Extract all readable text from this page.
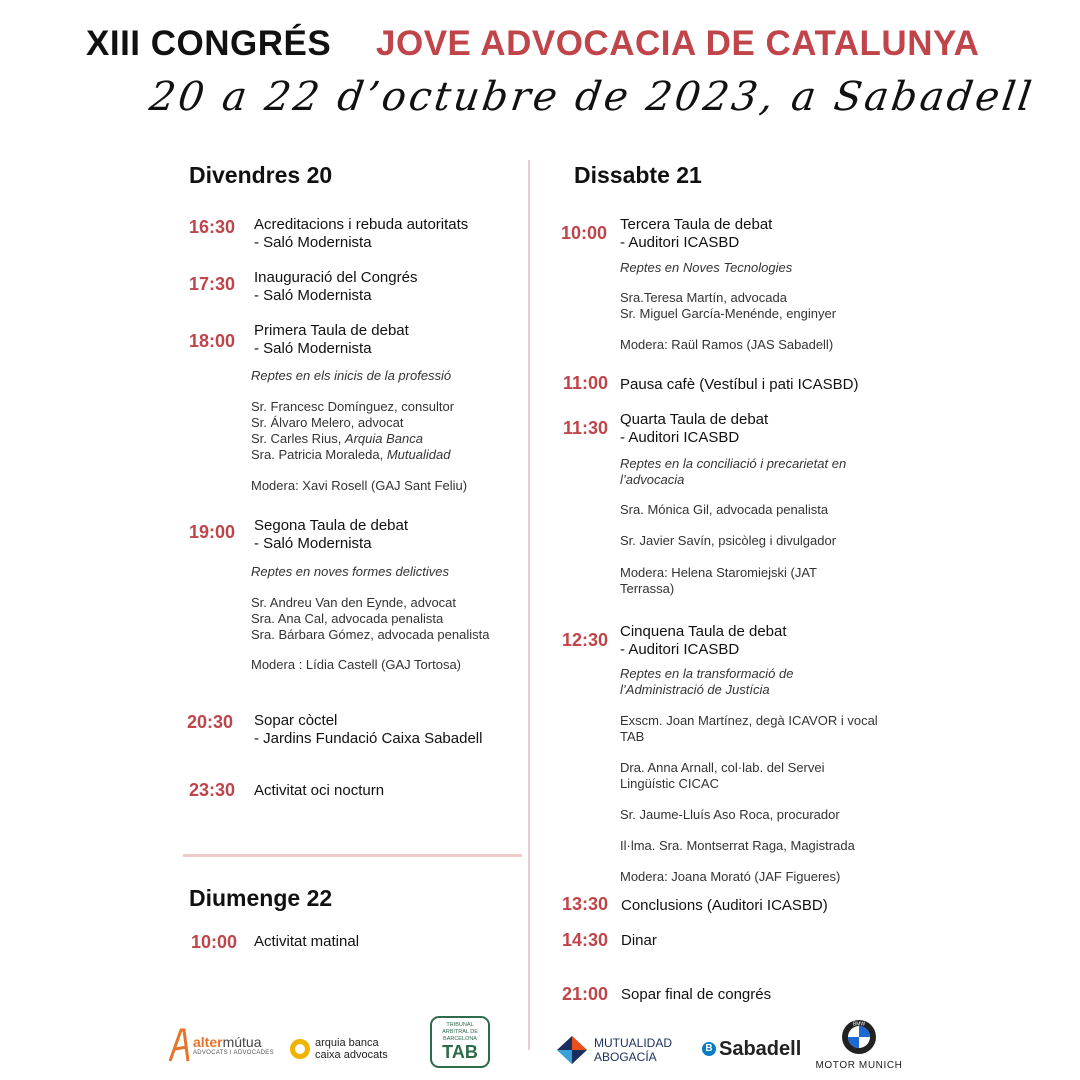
XIII CONGRÉS JOVE ADVOCACIA DE CATALUNYA
20 a 22 d’octubre de 2023, a Sabadell
Divendres 20
16:30 Acreditacions i rebuda autoritats
- Saló Modernista
17:30 Inauguració del Congrés
- Saló Modernista
18:00
Primera Taula de debat
- Saló Modernista
Reptes en els inicis de la professió
Sr. Francesc Domínguez, consultor
Sr. Álvaro Melero, advocat
Sr. Carles Rius, Arquia Banca
Sra. Patricia Moraleda, Mutualidad
Modera: Xavi Rosell (GAJ Sant Feliu)
19:00 Segona Taula de debat
- Saló Modernista
Reptes en noves formes delictives
Sr. Andreu Van den Eynde, advocat
Sra. Ana Cal, advocada penalista
Sra. Bárbara Gómez, advocada penalista
Modera : Lídia Castell (GAJ Tortosa)
20:30 Sopar còctel
- Jardins Fundació Caixa Sabadell
23:30 Activitat oci nocturn
Diumenge 22
10:00 Activitat matinal
Dissabte 21
10:00 Tercera Taula de debat
- Auditori ICASBD
Reptes en Noves Tecnologies
Sra.Teresa Martín, advocada
Sr. Miguel García-Menénde, enginyer
Modera: Raül Ramos (JAS Sabadell)
11:00 Pausa cafè (Vestíbul i pati ICASBD)
11:30 Quarta Taula de debat
- Auditori ICASBD
Reptes en la conciliació i precarietat en l’advocacia
Sra. Mónica Gil, advocada penalista
Sr. Javier Savín, psicòleg i divulgador
Modera: Helena Staromiejski (JAT
Terrassa)
12:30 Cinquena Taula de debat
- Auditori ICASBD
Reptes en la transformació de l’Administració de Justícia
Exscm. Joan Martínez, degà ICAVOR i vocal
TAB
Dra. Anna Arnall, col·lab. del Servei
Lingüístic CICAC
Sr. Jaume-Lluís Aso Roca, procurador
Il·lma. Sra. Montserrat Raga, Magistrada
Modera: Joana Morató (JAF Figueres)
13:30 Conclusions (Auditori ICASBD)
14:30 Dinar
21:00 Sopar final de congrés
altermútua
ADVOCATS I ADVOCADES
arquia banca
caixa advocats
TRIBUNAL ARBITRAL DE BARCELONA
TAB	MUTUALIDAD
ABOGACÍA
B Sabadell
BMW
MOTOR MUNICH
